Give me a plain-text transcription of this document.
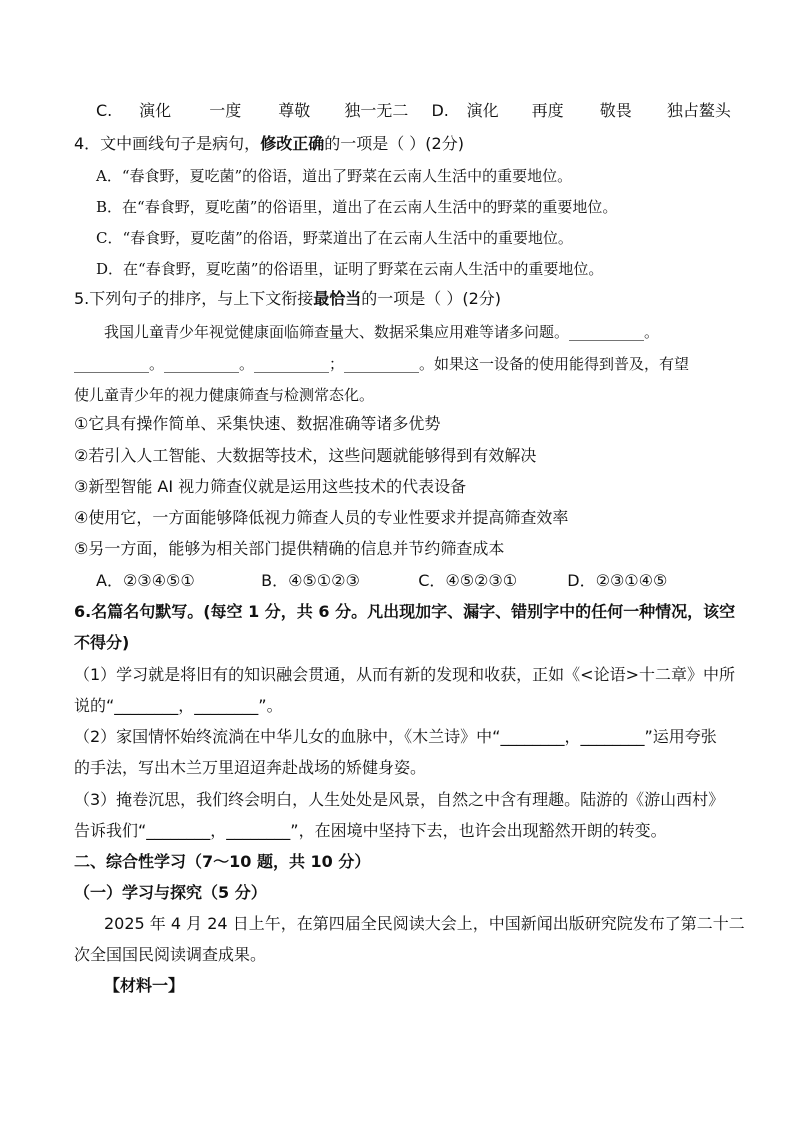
C. 演化 一度 尊敬 独一无二 D. 演化 再度 敬畏 独占鳌头
4．文中画线句子是病句，修改正确的一项是（ ）(2分)
A．“春食野，夏吃菌”的俗语，道出了野菜在云南人生活中的重要地位。
B．在“春食野，夏吃菌”的俗语里，道出了在云南人生活中的野菜的重要地位。
C．“春食野，夏吃菌”的俗语，野菜道出了在云南人生活中的重要地位。
D．在“春食野，夏吃菌”的俗语里，证明了野菜在云南人生活中的重要地位。
5.下列句子的排序，与上下文衔接最恰当的一项是（ ）(2分)
我国儿童青少年视觉健康面临筛查量大、数据采集应用难等诸多问题。__________。
__________。__________。__________；__________。如果这一设备的使用能得到普及，有望
使儿童青少年的视力健康筛查与检测常态化。
①它具有操作简单、采集快速、数据准确等诸多优势
②若引入人工智能、大数据等技术，这些问题就能够得到有效解决
③新型智能 AI 视力筛查仪就是运用这些技术的代表设备
④使用它，一方面能够降低视力筛查人员的专业性要求并提高筛查效率
⑤另一方面，能够为相关部门提供精确的信息并节约筛查成本
A．②③④⑤①	B．④⑤①②③	C．④⑤②③①	D．②③①④⑤
6.名篇名句默写。(每空 1 分，共 6 分。凡出现加字、漏字、错别字中的任何一种情况，该空
不得分)
（1）学习就是将旧有的知识融会贯通，从而有新的发现和收获，正如《<论语>十二章》中所
说的“________，________”。
（2）家国情怀始终流淌在中华儿女的血脉中，《木兰诗》中“________，________”运用夸张
的手法，写出木兰万里迢迢奔赴战场的矫健身姿。
（3）掩卷沉思，我们终会明白，人生处处是风景，自然之中含有理趣。陆游的《游山西村》
告诉我们“________，________”，在困境中坚持下去，也许会出现豁然开朗的转变。
二、综合性学习（7～10 题，共 10 分）
（一）学习与探究（5 分）
2025 年 4 月 24 日上午，在第四届全民阅读大会上，中国新闻出版研究院发布了第二十二
次全国国民阅读调查成果。
【材料一】
